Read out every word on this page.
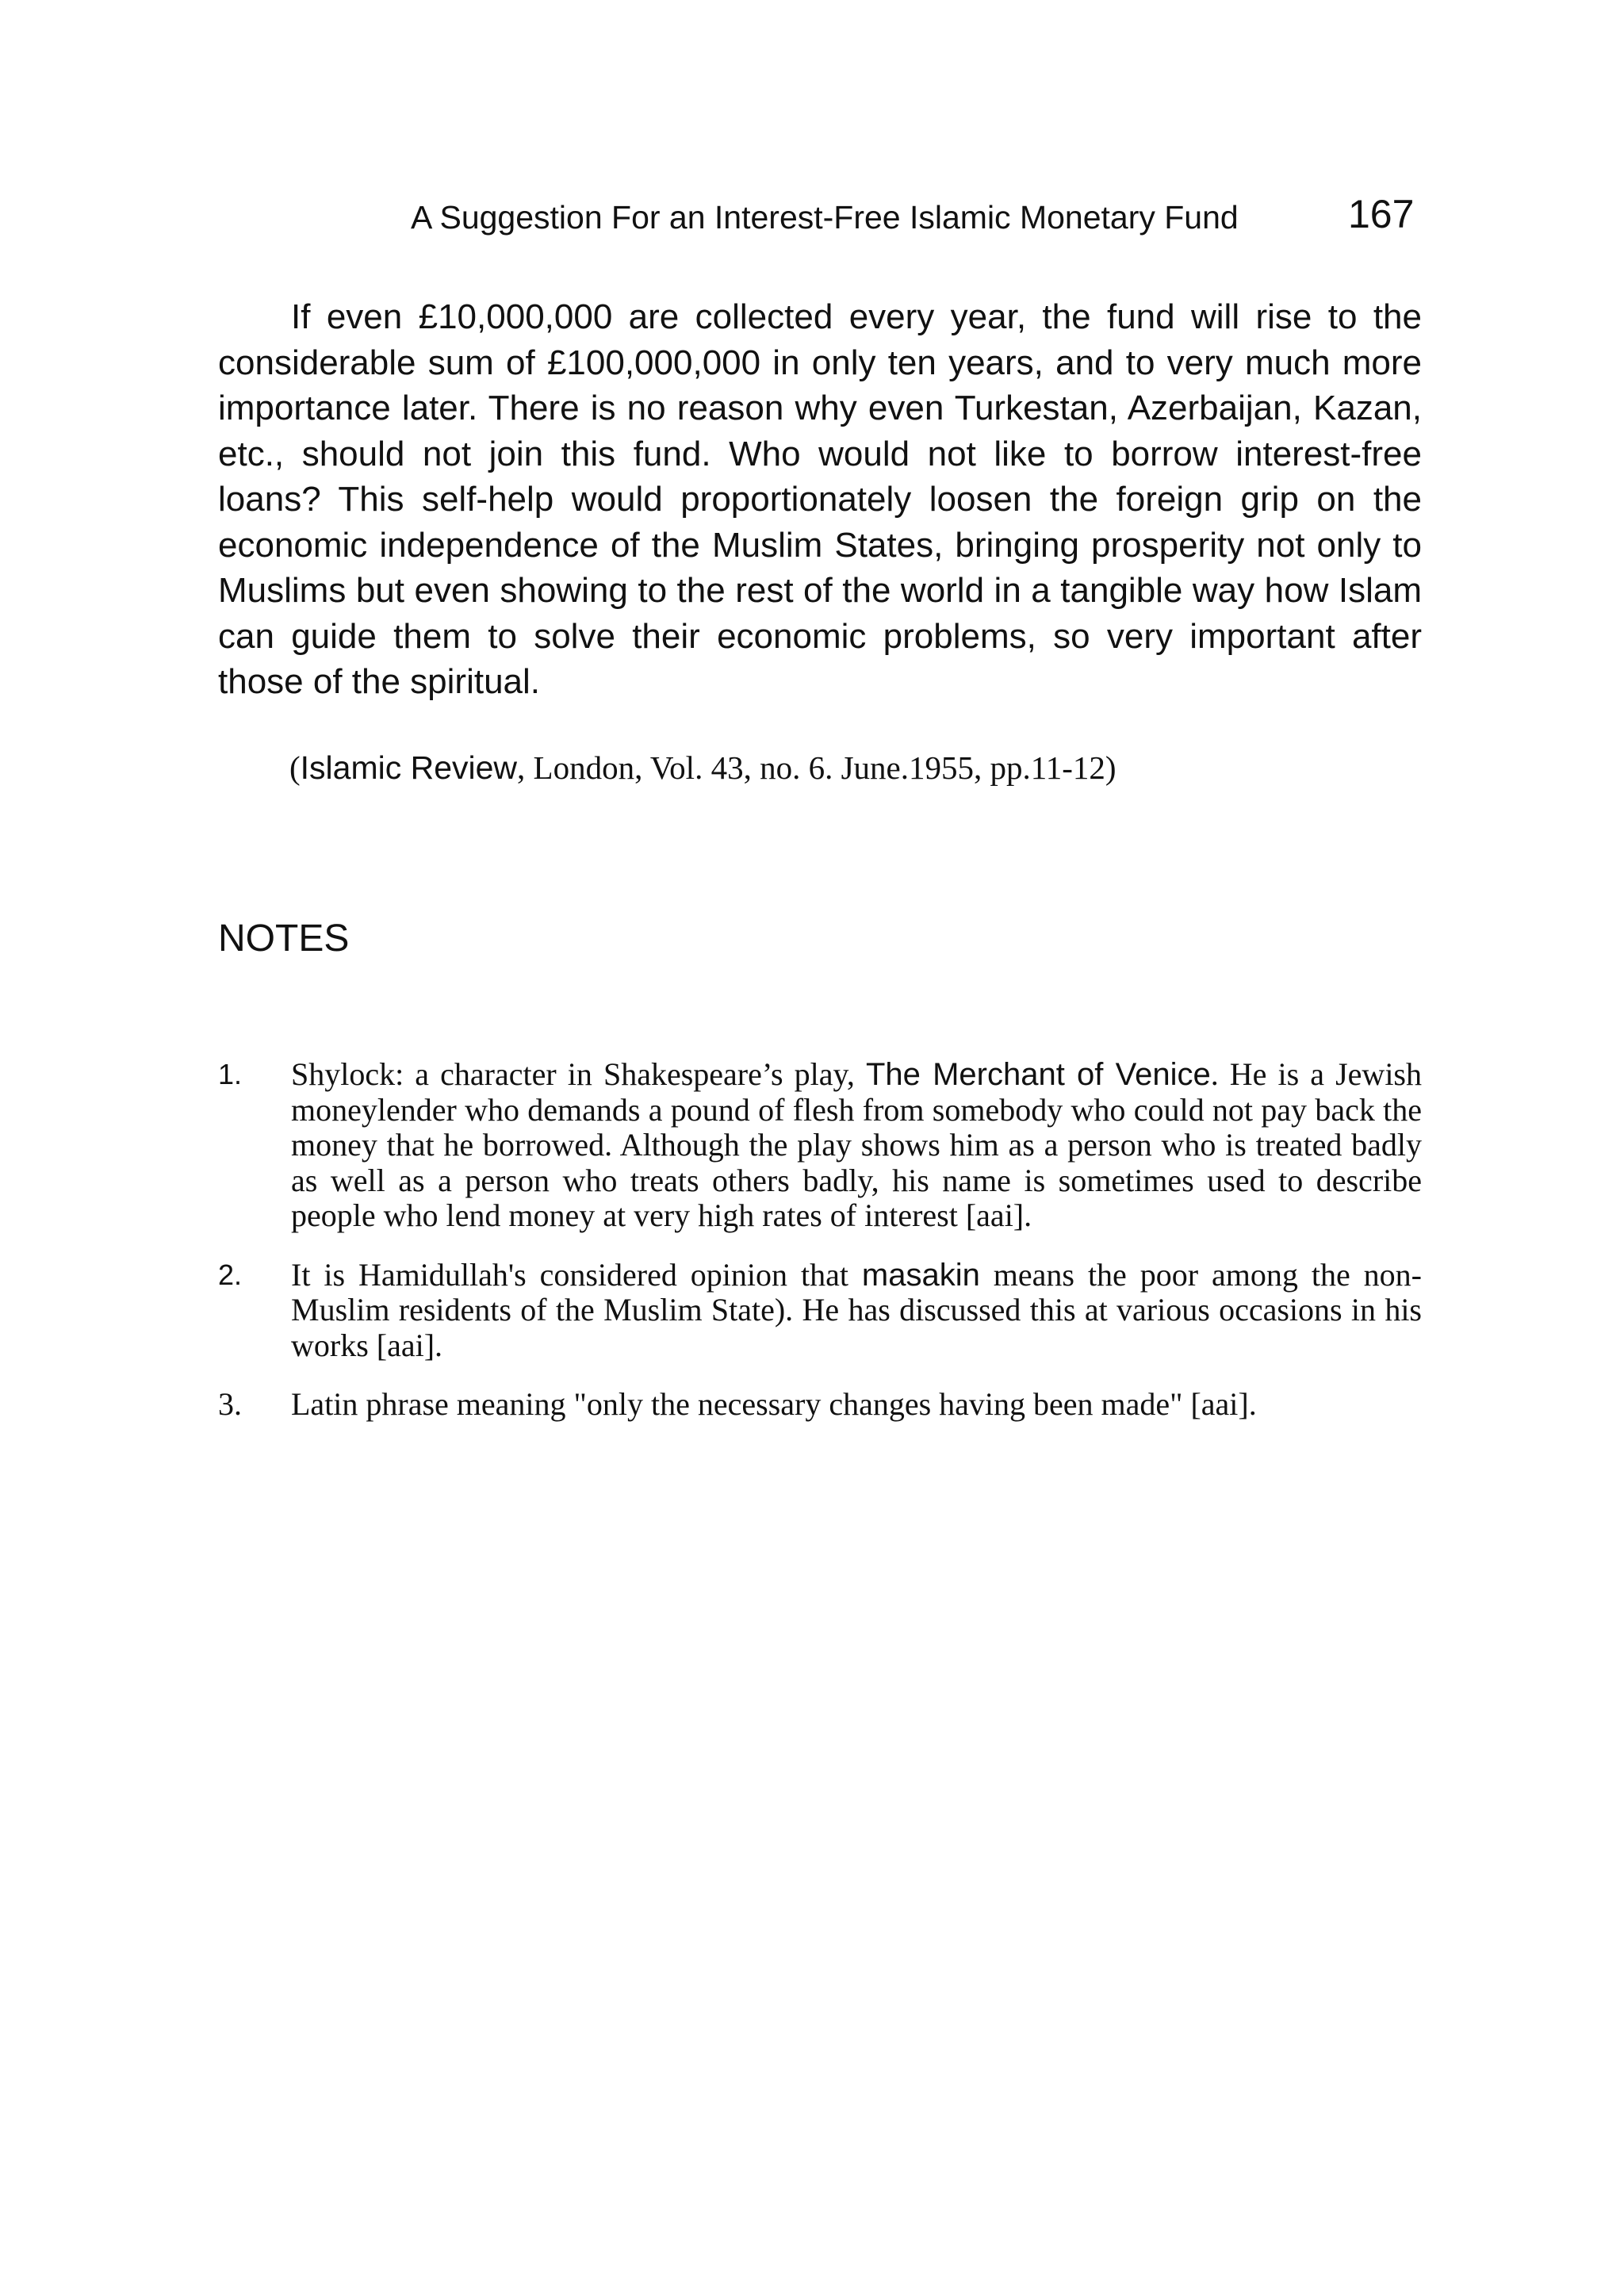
A Suggestion For an Interest-Free Islamic Monetary Fund	167

If even £10,000,000 are collected every year, the fund will rise to the considerable sum of £100,000,000 in only ten years, and to very much more importance later. There is no reason why even Turkestan, Azerbaijan, Kazan, etc., should not join this fund. Who would not like to borrow interest-free loans? This self-help would proportionately loosen the foreign grip on the economic independence of the Muslim States, bringing prosperity not only to Muslims but even showing to the rest of the world in a tangible way how Islam can guide them to solve their economic problems, so very important after those of the spiritual.

(Islamic Review, London, Vol. 43, no. 6. June.1955, pp.11-12)
NOTES
1. Shylock: a character in Shakespeare’s play, The Merchant of Venice. He is a Jewish moneylender who demands a pound of flesh from somebody who could not pay back the money that he borrowed. Although the play shows him as a person who is treated badly as well as a person who treats others badly, his name is sometimes used to describe people who lend money at very high rates of interest [aai].
2. It is Hamidullah's considered opinion that masakin means the poor among the non-Muslim residents of the Muslim State). He has discussed this at various occasions in his works [aai].
3. Latin phrase meaning "only the necessary changes having been made" [aai].
